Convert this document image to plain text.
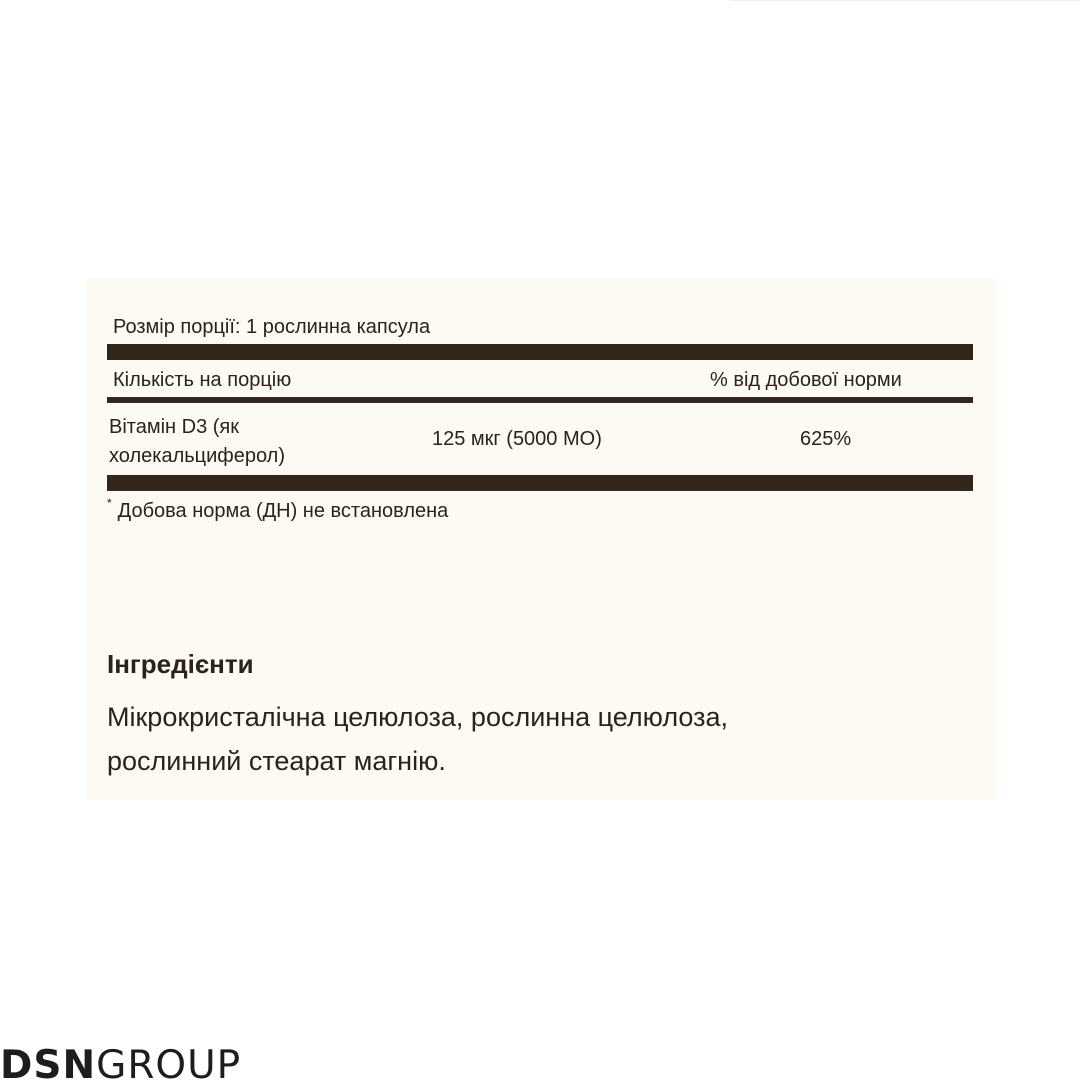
Розмір порції: 1 рослинна капсула
Кількість на порцію	% від добової норми
Вітамін D3 (як
холекальциферол)
125 мкг (5000 МО)	625%
* Добова норма (ДН) не встановлена
Інгредієнти
Мікрокристалічна целюлоза, рослинна целюлоза,
рослинний стеарат магнію.
DSNGROUP
